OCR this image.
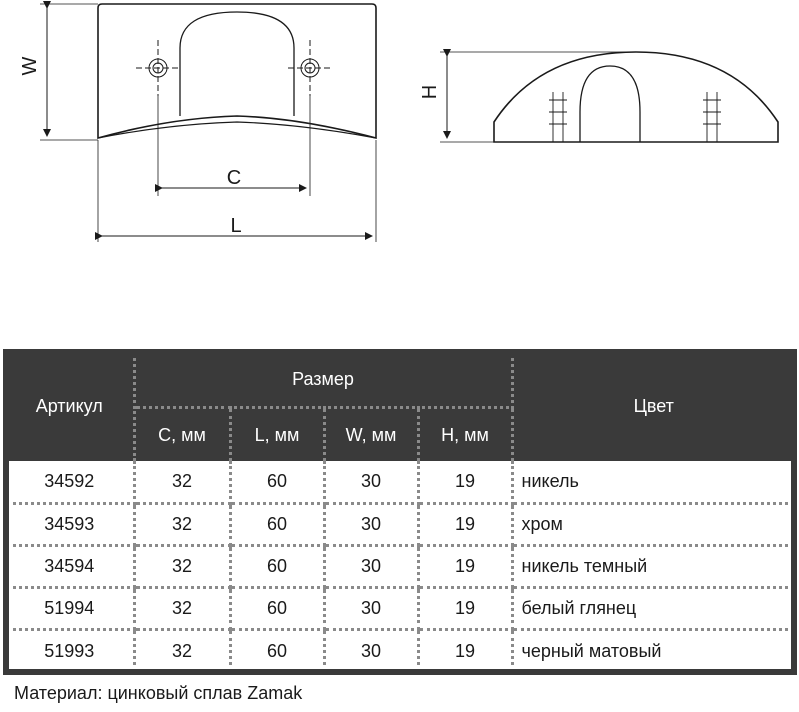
C
L
W
H
Артикул	Размер				Цвет
	C, мм	L, мм	W, мм	H, мм	
34592	32	60	30	19	никель
34593	32	60	30	19	хром
34594	32	60	30	19	никель темный
51994	32	60	30	19	белый глянец
51993	32	60	30	19	черный матовый
Материал: цинковый сплав Zamak
